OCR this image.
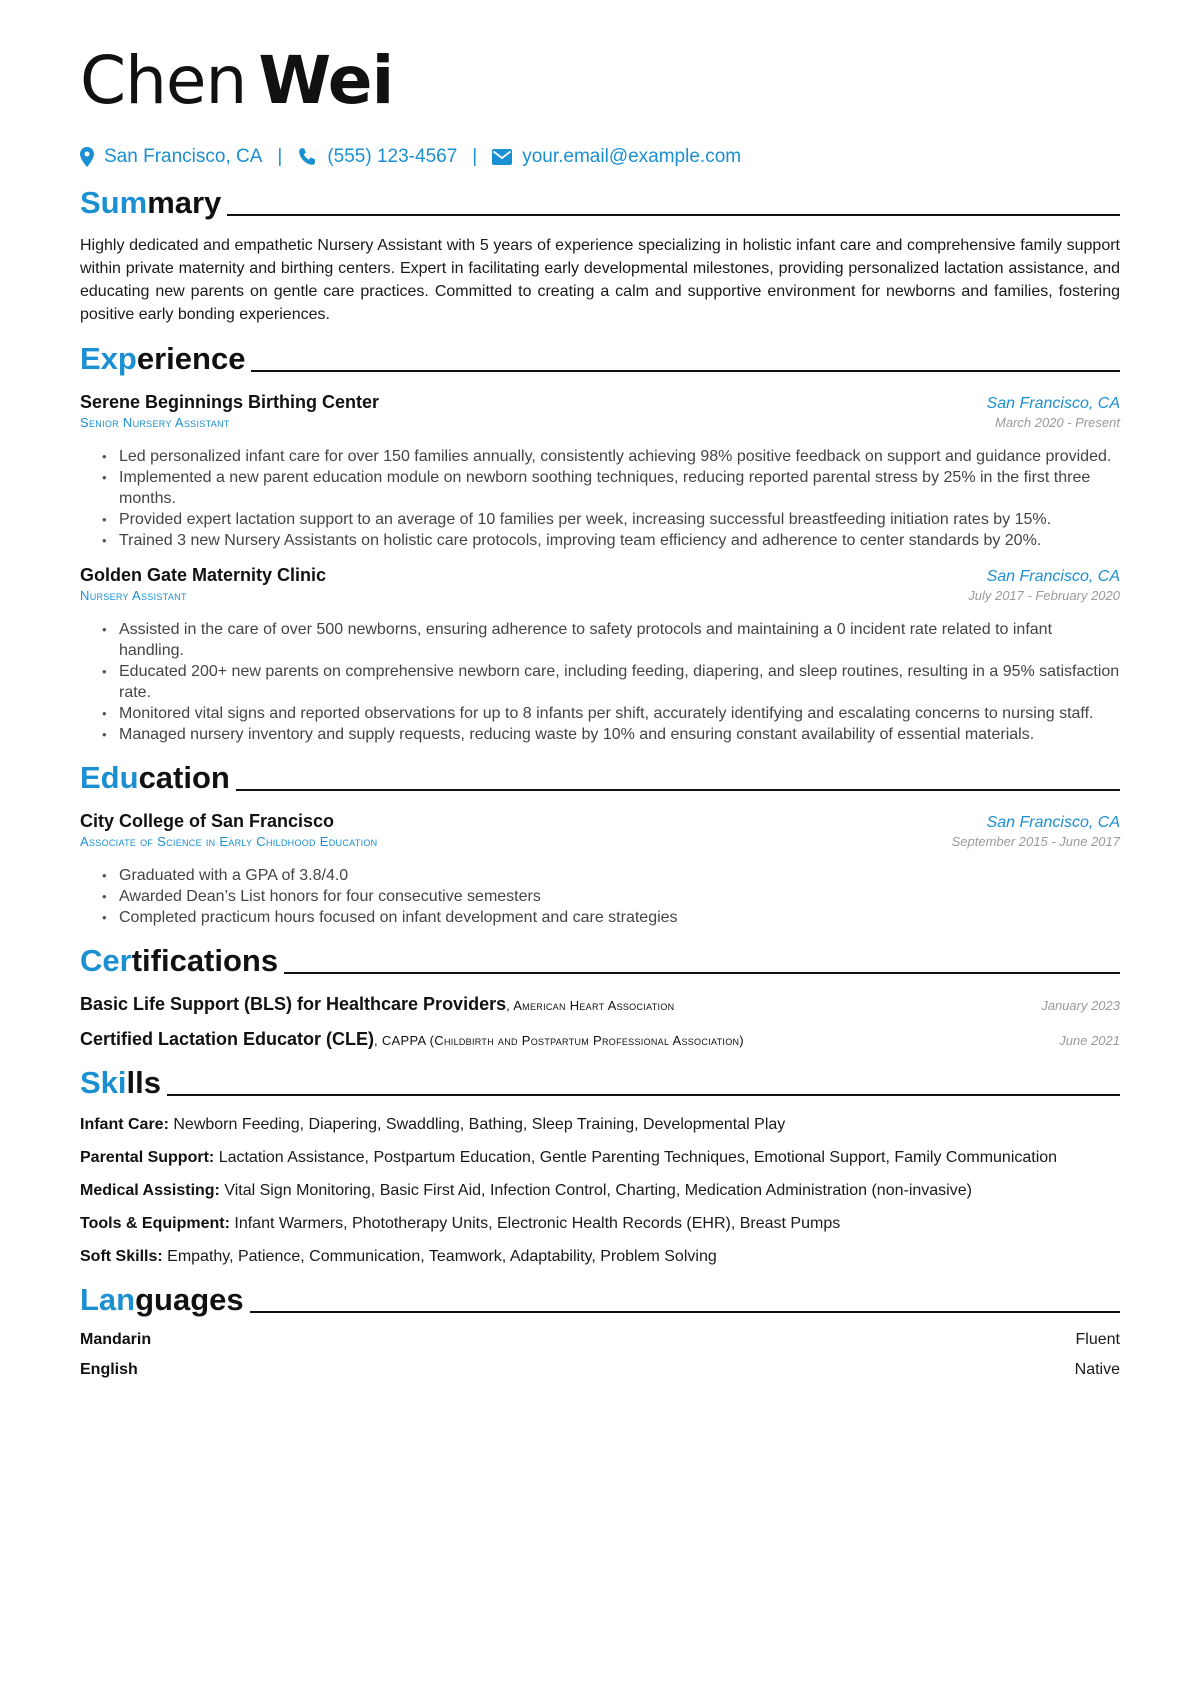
Chen Wei
San Francisco, CA | (555) 123-4567 | your.email@example.com
Summary
Highly dedicated and empathetic Nursery Assistant with 5 years of experience specializing in holistic infant care and comprehensive family support within private maternity and birthing centers. Expert in facilitating early developmental milestones, providing personalized lactation assistance, and educating new parents on gentle care practices. Committed to creating a calm and supportive environment for newborns and families, fostering positive early bonding experiences.
Experience
Serene Beginnings Birthing Center	San Francisco, CA
Senior Nursery Assistant	March 2020 - Present
• Led personalized infant care for over 150 families annually, consistently achieving 98% positive feedback on support and guidance provided.
• Implemented a new parent education module on newborn soothing techniques, reducing reported parental stress by 25% in the first three months.
• Provided expert lactation support to an average of 10 families per week, increasing successful breastfeeding initiation rates by 15%.
• Trained 3 new Nursery Assistants on holistic care protocols, improving team efficiency and adherence to center standards by 20%.
Golden Gate Maternity Clinic	San Francisco, CA
Nursery Assistant	July 2017 - February 2020
• Assisted in the care of over 500 newborns, ensuring adherence to safety protocols and maintaining a 0 incident rate related to infant handling.
• Educated 200+ new parents on comprehensive newborn care, including feeding, diapering, and sleep routines, resulting in a 95% satisfaction rate.
• Monitored vital signs and reported observations for up to 8 infants per shift, accurately identifying and escalating concerns to nursing staff.
• Managed nursery inventory and supply requests, reducing waste by 10% and ensuring constant availability of essential materials.
Education
City College of San Francisco	San Francisco, CA
Associate of Science in Early Childhood Education	September 2015 - June 2017
• Graduated with a GPA of 3.8/4.0
• Awarded Dean’s List honors for four consecutive semesters
• Completed practicum hours focused on infant development and care strategies
Certifications
Basic Life Support (BLS) for Healthcare Providers, American Heart Association	January 2023
Certified Lactation Educator (CLE), CAPPA (Childbirth and Postpartum Professional Association)	June 2021
Skills
Infant Care: Newborn Feeding, Diapering, Swaddling, Bathing, Sleep Training, Developmental Play
Parental Support: Lactation Assistance, Postpartum Education, Gentle Parenting Techniques, Emotional Support, Family Communication
Medical Assisting: Vital Sign Monitoring, Basic First Aid, Infection Control, Charting, Medication Administration (non-invasive)
Tools & Equipment: Infant Warmers, Phototherapy Units, Electronic Health Records (EHR), Breast Pumps
Soft Skills: Empathy, Patience, Communication, Teamwork, Adaptability, Problem Solving
Languages
Mandarin	Fluent
English	Native
